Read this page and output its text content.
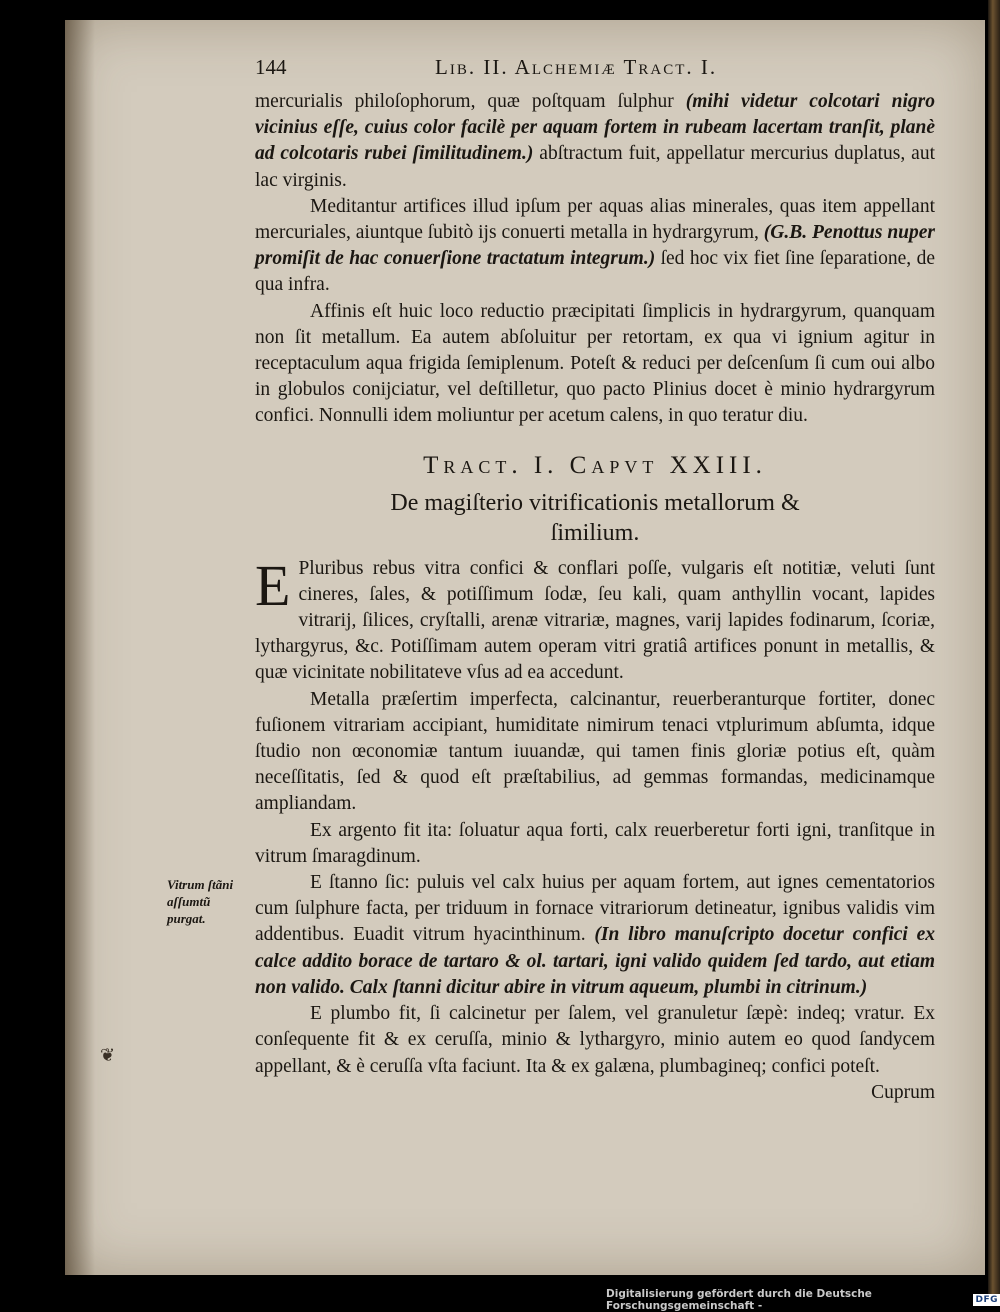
144	Lib. II. Alchemiæ Tract. I.

mercurialis philoſophorum, quæ poſtquam ſulphur (mihi videtur colcotari nigro vicinius eſſe, cuius color facilè per aquam fortem in rubeam lacertam tranſit, planè ad colcotaris rubei ſimilitudinem.) abſtractum fuit, appellatur mercurius duplatus, aut lac virginis.

Meditantur artifices illud ipſum per aquas alias minerales, quas item appellant mercuriales, aiuntque ſubitò ijs conuerti metalla in hydrargyrum, (G.B. Penottus nuper promiſit de hac conuerſione tractatum integrum.) ſed hoc vix fiet ſine ſeparatione, de qua infra.

Affinis eſt huic loco reductio præcipitati ſimplicis in hydrargyrum, quanquam non ſit metallum. Ea autem abſoluitur per retortam, ex qua vi ignium agitur in receptaculum aqua frigida ſemiplenum. Poteſt & reduci per deſcenſum ſi cum oui albo in globulos conijciatur, vel deſtilletur, quo pacto Plinius docet è minio hydrargyrum confici. Nonnulli idem moliuntur per acetum calens, in quo teratur diu.

Tract. I. Capvt XXIII.

De magiſterio vitrificationis metallorum &

ſimilium.

E Pluribus rebus vitra confici & conflari poſſe, vulgaris eſt notitiæ, veluti ſunt cineres, ſales, & potiſſimum ſodæ, ſeu kali, quam anthyllin vocant, lapides vitrarij, ſilices, cryſtalli, arenæ vitrariæ, magnes, varij lapides fodinarum, ſcoriæ, lythargyrus, &c. Potiſſimam autem operam vitri gratiâ artifices ponunt in metallis, & quæ vicinitate nobilitateve vſus ad ea accedunt.

Metalla præſertim imperfecta, calcinantur, reuerberanturque fortiter, donec fuſionem vitrariam accipiant, humiditate nimirum tenaci vtplurimum abſumta, idque ſtudio non œconomiæ tantum iuuandæ, qui tamen finis gloriæ potius eſt, quàm neceſſitatis, ſed & quod eſt præſtabilius, ad gemmas formandas, medicinamque ampliandam.

Ex argento fit ita: ſoluatur aqua forti, calx reuerberetur forti igni, tranſitque in vitrum ſmaragdinum.

E ſtanno ſic: puluis vel calx huius per aquam fortem, aut ignes cementatorios cum ſulphure facta, per triduum in fornace vitrariorum detineatur, ignibus validis vim addentibus. Euadit vitrum hyacinthinum. (In libro manuſcripto docetur confici ex calce addito borace de tartaro & ol. tartari, igni valido quidem ſed tardo, aut etiam non valido. Calx ſtanni dicitur abire in vitrum aqueum, plumbi in citrinum.)

E plumbo fit, ſi calcinetur per ſalem, vel granuletur ſæpè: indeq; vratur. Ex conſequente fit & ex ceruſſa, minio & lythargyro, minio autem eo quod ſandycem appellant, & è ceruſſa vſta faciunt. Ita & ex galæna, plumbagineq; confici poteſt.

Cuprum
Vitrum ſtãni aſſumtũ purgat.
❦
Digitalisierung gefördert durch die Deutsche Forschungsgemeinschaft -	DFG
